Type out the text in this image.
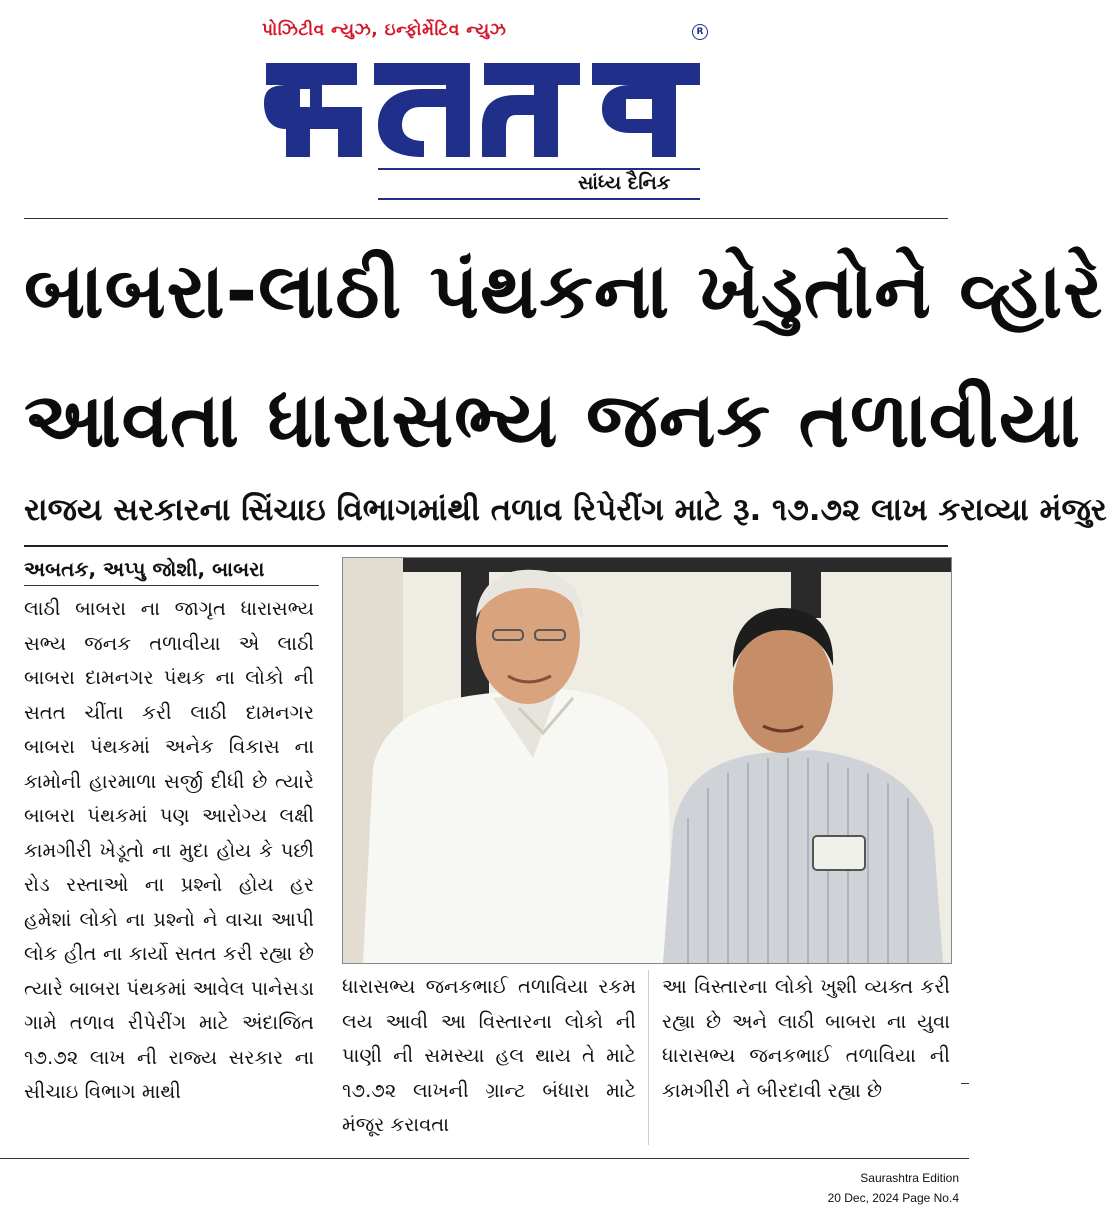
પોઝિટીવ ન્યુઝ, ઇન્ફોર્મેટિવ ન્યુઝ	R
સાંધ્ય દૈનિક
બાબરા-લાઠી પંથકના ખેડુતોને વ્હારે
આવતા ધારાસભ્ય જનક તળાવીયા
રાજય સરકારના સિંચાઇ વિભાગમાંથી તળાવ રિપેરીંગ માટે રૂ. ૧૭.૭૨ લાખ કરાવ્યા મંજુર
અબતક, અપ્પુ જોશી, બાબરા
લાઠી બાબરા ના જાગૃત ધારાસભ્ય સભ્ય જનક તળાવીયા એ લાઠી બાબરા દામનગર પંથક ના લોકો ની સતત ચીંતા કરી લાઠી દામનગર બાબરા પંથકમાં અનેક વિકાસ ના કામોની હારમાળા સર્જી દીધી છે ત્યારે બાબરા પંથકમાં પણ આરોગ્ય લક્ષી કામગીરી ખેડૂતો ના મુદા હોય કે પછી રોડ રસ્તાઓ ના પ્રશ્નો હોય હર હમેશાં લોકો ના પ્રશ્નો ને વાચા આપી લોક હીત ના કાર્યો સતત કરી રહ્યા છે ત્યારે બાબરા પંથકમાં આવેલ પાનેસડા ગામે તળાવ રીપેરીંગ માટે અંદાજિત ૧૭.૭૨ લાખ ની રાજ્ય સરકાર ના સીચાઇ વિભાગ માથી
ધારાસભ્ય જનકભાઈ તળાવિયા રકમ લય આવી આ વિસ્તારના લોકો ની પાણી ની સમસ્યા હલ થાય તે માટે ૧૭.૭૨ લાખની ગ્રાન્ટ બંધારા માટે મંજૂર કરાવતા
આ વિસ્તારના લોકો ખુશી વ્યક્ત કરી રહ્યા છે અને લાઠી બાબરા ના યુવા ધારાસભ્ય જનકભાઈ તળાવિયા ની કામગીરી ને બીરદાવી રહ્યા છે
Saurashtra Edition
20 Dec, 2024 Page No.4
